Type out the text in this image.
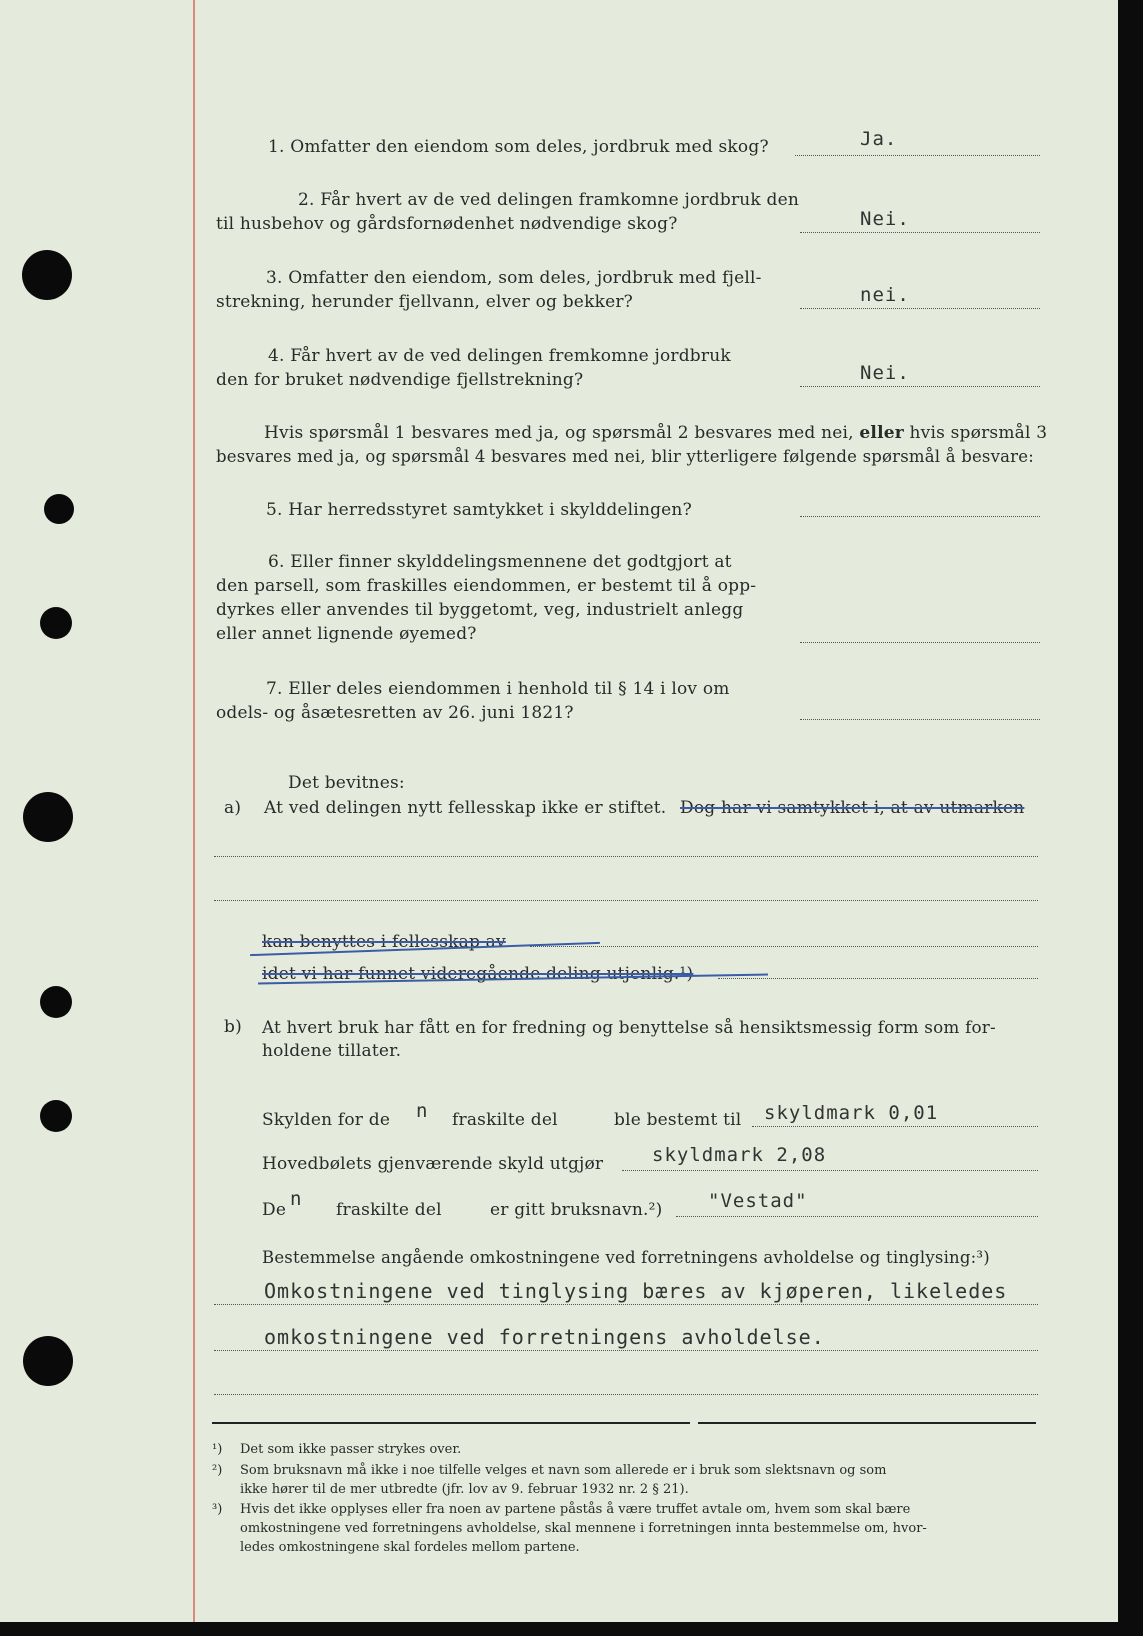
1. Omfatter den eiendom som deles, jordbruk med skog?	Ja.
2. Får hvert av de ved delingen framkomne jordbruk den
til husbehov og gårdsfornødenhet nødvendige skog?	Nei.
3. Omfatter den eiendom, som deles, jordbruk med fjell-
strekning, herunder fjellvann, elver og bekker?	nei.
4. Får hvert av de ved delingen fremkomne jordbruk
den for bruket nødvendige fjellstrekning?	Nei.
Hvis spørsmål 1 besvares med ja, og spørsmål 2 besvares med nei, eller hvis spørsmål 3
besvares med ja, og spørsmål 4 besvares med nei, blir ytterligere følgende spørsmål å besvare:
5. Har herredsstyret samtykket i skylddelingen?
6. Eller finner skylddelingsmennene det godtgjort at
den parsell, som fraskilles eiendommen, er bestemt til å opp-
dyrkes eller anvendes til byggetomt, veg, industrielt anlegg
eller annet lignende øyemed?
7. Eller deles eiendommen i henhold til § 14 i lov om
odels- og åsætesretten av 26. juni 1821?
Det bevitnes:
a) At ved delingen nytt fellesskap ikke er stiftet. Dog har vi samtykket i, at av utmarken
kan benyttes i fellesskap av
idet vi har funnet videregående deling utjenlig.¹)
b) At hvert bruk har fått en for fredning og benyttelse så hensiktsmessig form som for-
holdene tillater.
Skylden for de n fraskilte del	ble bestemt til skyldmark 0,01
Hovedbølets gjenværende skyld utgjør	skyldmark 2,08
De n fraskilte del	er gitt bruksnavn.²) "Vestad"
Bestemmelse angående omkostningene ved forretningens avholdelse og tinglysing:³)
Omkostningene ved tinglysing bæres av kjøperen, likeledes
omkostningene ved forretningens avholdelse.
¹) Det som ikke passer strykes over.
²) Som bruksnavn må ikke i noe tilfelle velges et navn som allerede er i bruk som slektsnavn og som
ikke hører til de mer utbredte (jfr. lov av 9. februar 1932 nr. 2 § 21).
³) Hvis det ikke opplyses eller fra noen av partene påstås å være truffet avtale om, hvem som skal bære
omkostningene ved forretningens avholdelse, skal mennene i forretningen innta bestemmelse om, hvor-
ledes omkostningene skal fordeles mellom partene.
